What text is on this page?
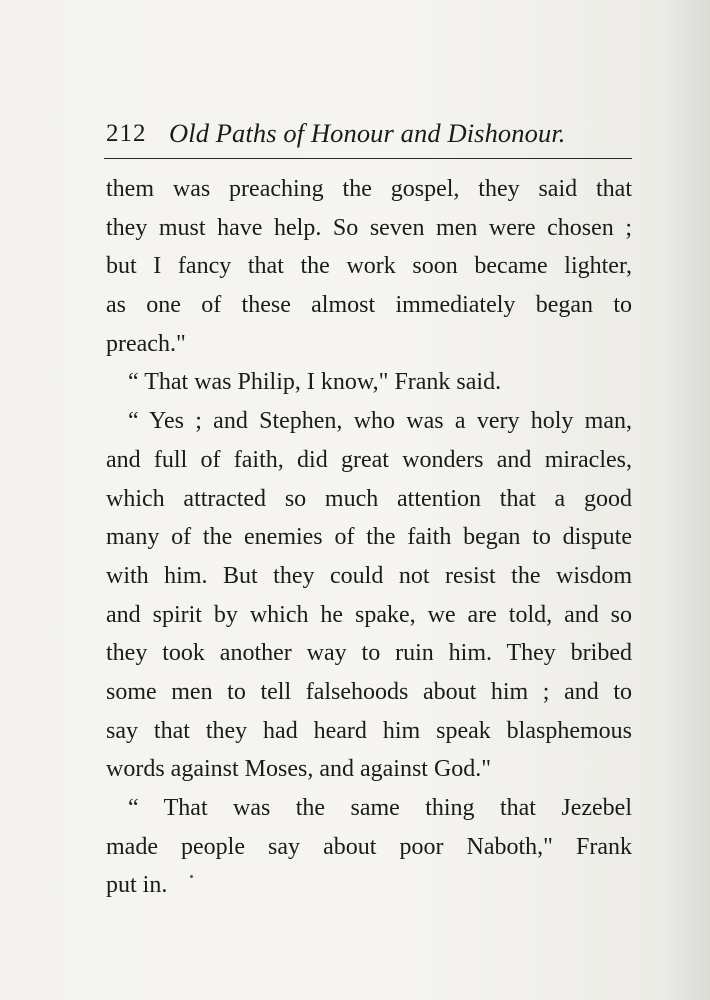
212 Old Paths of Honour and Dishonour.
them was preaching the gospel, they said that
they must have help. So seven men were chosen ;
but I fancy that the work soon became lighter,
as one of these almost immediately began to
preach."
“ That was Philip, I know," Frank said.
“ Yes ; and Stephen, who was a very holy man,
and full of faith, did great wonders and miracles,
which attracted so much attention that a good
many of the enemies of the faith began to dispute
with him. But they could not resist the wisdom
and spirit by which he spake, we are told, and so
they took another way to ruin him. They bribed
some men to tell falsehoods about him ; and to
say that they had heard him speak blasphemous
words against Moses, and against God."
“ That was the same thing that Jezebel
made people say about poor Naboth," Frank
put in.
